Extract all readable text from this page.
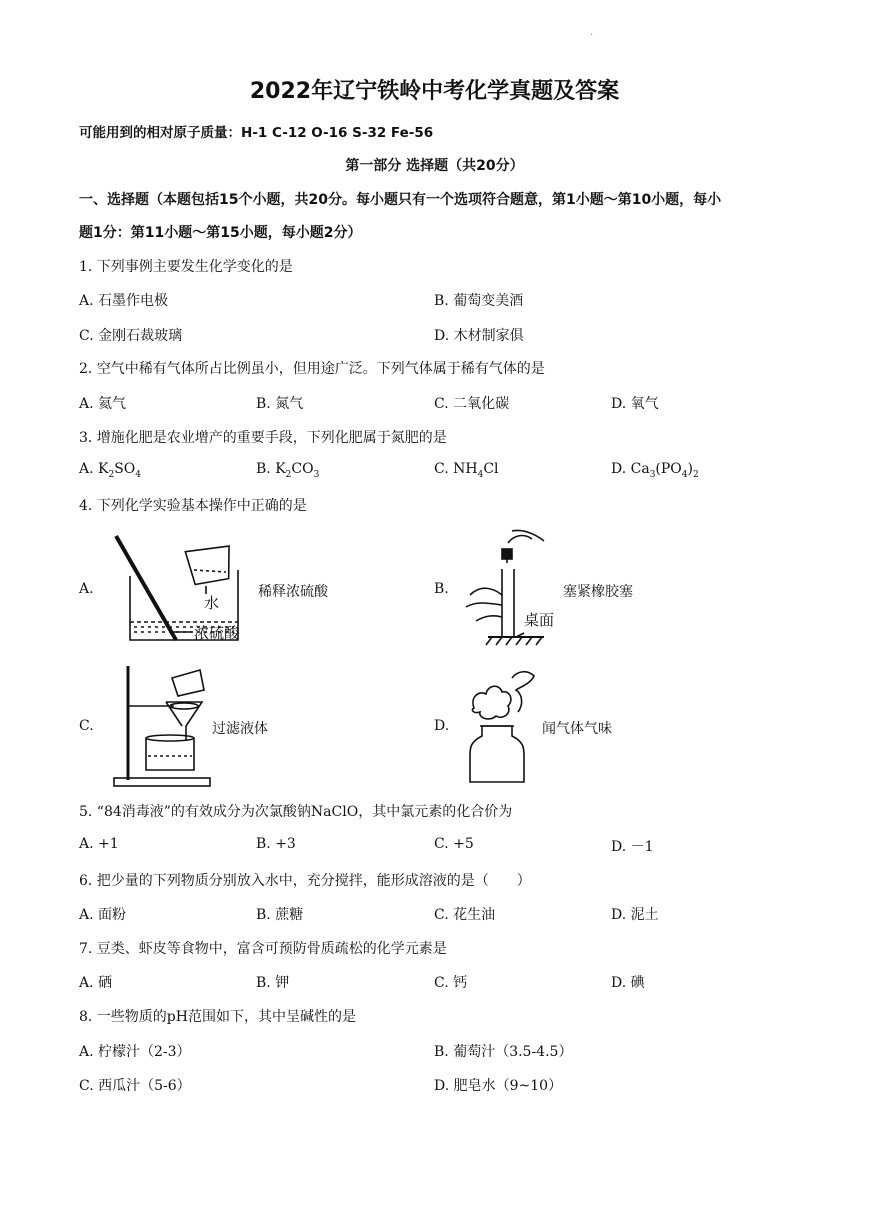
·
2022年辽宁铁岭中考化学真题及答案
可能用到的相对原子质量：H-1 C-12 O-16 S-32 Fe-56
第一部分 选择题（共20分）
一、选择题（本题包括15个小题，共20分。每小题只有一个选项符合题意，第1小题～第10小题，每小
题1分：第11小题～第15小题，每小题2分）
1. 下列事例主要发生化学变化的是
A. 石墨作电极	B. 葡萄变美酒
C. 金刚石裁玻璃	D. 木材制家俱
2. 空气中稀有气体所占比例虽小，但用途广泛。下列气体属于稀有气体的是
A. 氦气	B. 氮气	C. 二氧化碳	D. 氧气
3. 增施化肥是农业增产的重要手段，下列化肥属于氮肥的是
A. $K_2SO_4$	B. $K_2CO_3$	C. $NH_4Cl$	D. $Ca_3(PO_4)_2$
4. 下列化学实验基本操作中正确的是
A.
水
浓硫酸
稀释浓硫酸	B.
桌面
塞紧橡胶塞
C.	过滤液体	D.	闻气体气味
5. “84消毒液”的有效成分为次氯酸钠NaClO，其中氯元素的化合价为
A. +1	B. +3	C. +5	D. －1
6. 把少量的下列物质分别放入水中，充分搅拌，能形成溶液的是（　　）
A. 面粉	B. 蔗糖	C. 花生油	D. 泥土
7. 豆类、虾皮等食物中，富含可预防骨质疏松的化学元素是
A. 硒	B. 钾	C. 钙	D. 碘
8. 一些物质的pH范围如下，其中呈碱性的是
A. 柠檬汁（2-3）	B. 葡萄汁（3.5-4.5）
C. 西瓜汁（5-6）	D. 肥皂水（9~10）
